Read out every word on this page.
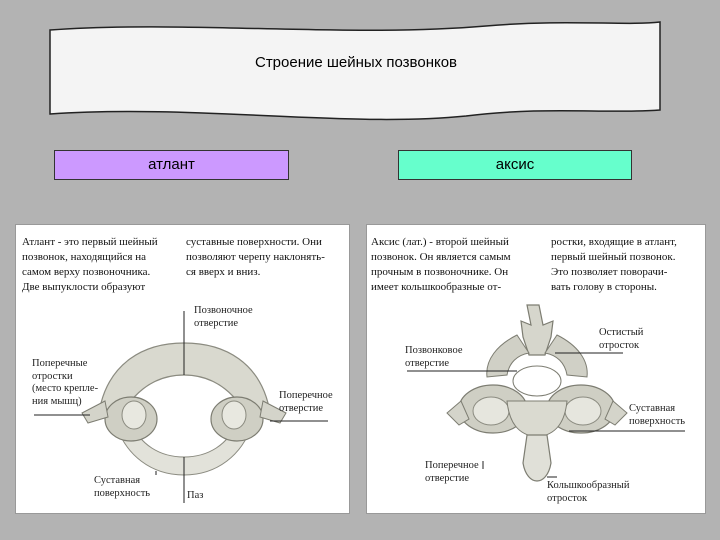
Строение шейных позвонков
атлант	аксис

Атлант - это первый шейный
позвонок, находящийся на
самом верху позвоночника.
Две выпуклости образуют

суставные поверхности. Они
позволяют черепу наклонять-
ся вверх и вниз.

Позвоночное
отверстие
Поперечные
отростки
(место крепле-
ния мышц)	Поперечное
отверстие
Суставная
поверхность	Паз

Аксис (лат.) - второй шейный
позвонок. Он является самым
прочным в позвоночнике. Он
имеет кольшкообразные от-

ростки, входящие в атлант,
первый шейный позвонок.
Это позволяет поворачи-
вать голову в стороны.

Позвонковое
отверстие
Остистый
отросток
Суставная
поверхность
Поперечное
отверстие
Кольшкообразный
отросток
